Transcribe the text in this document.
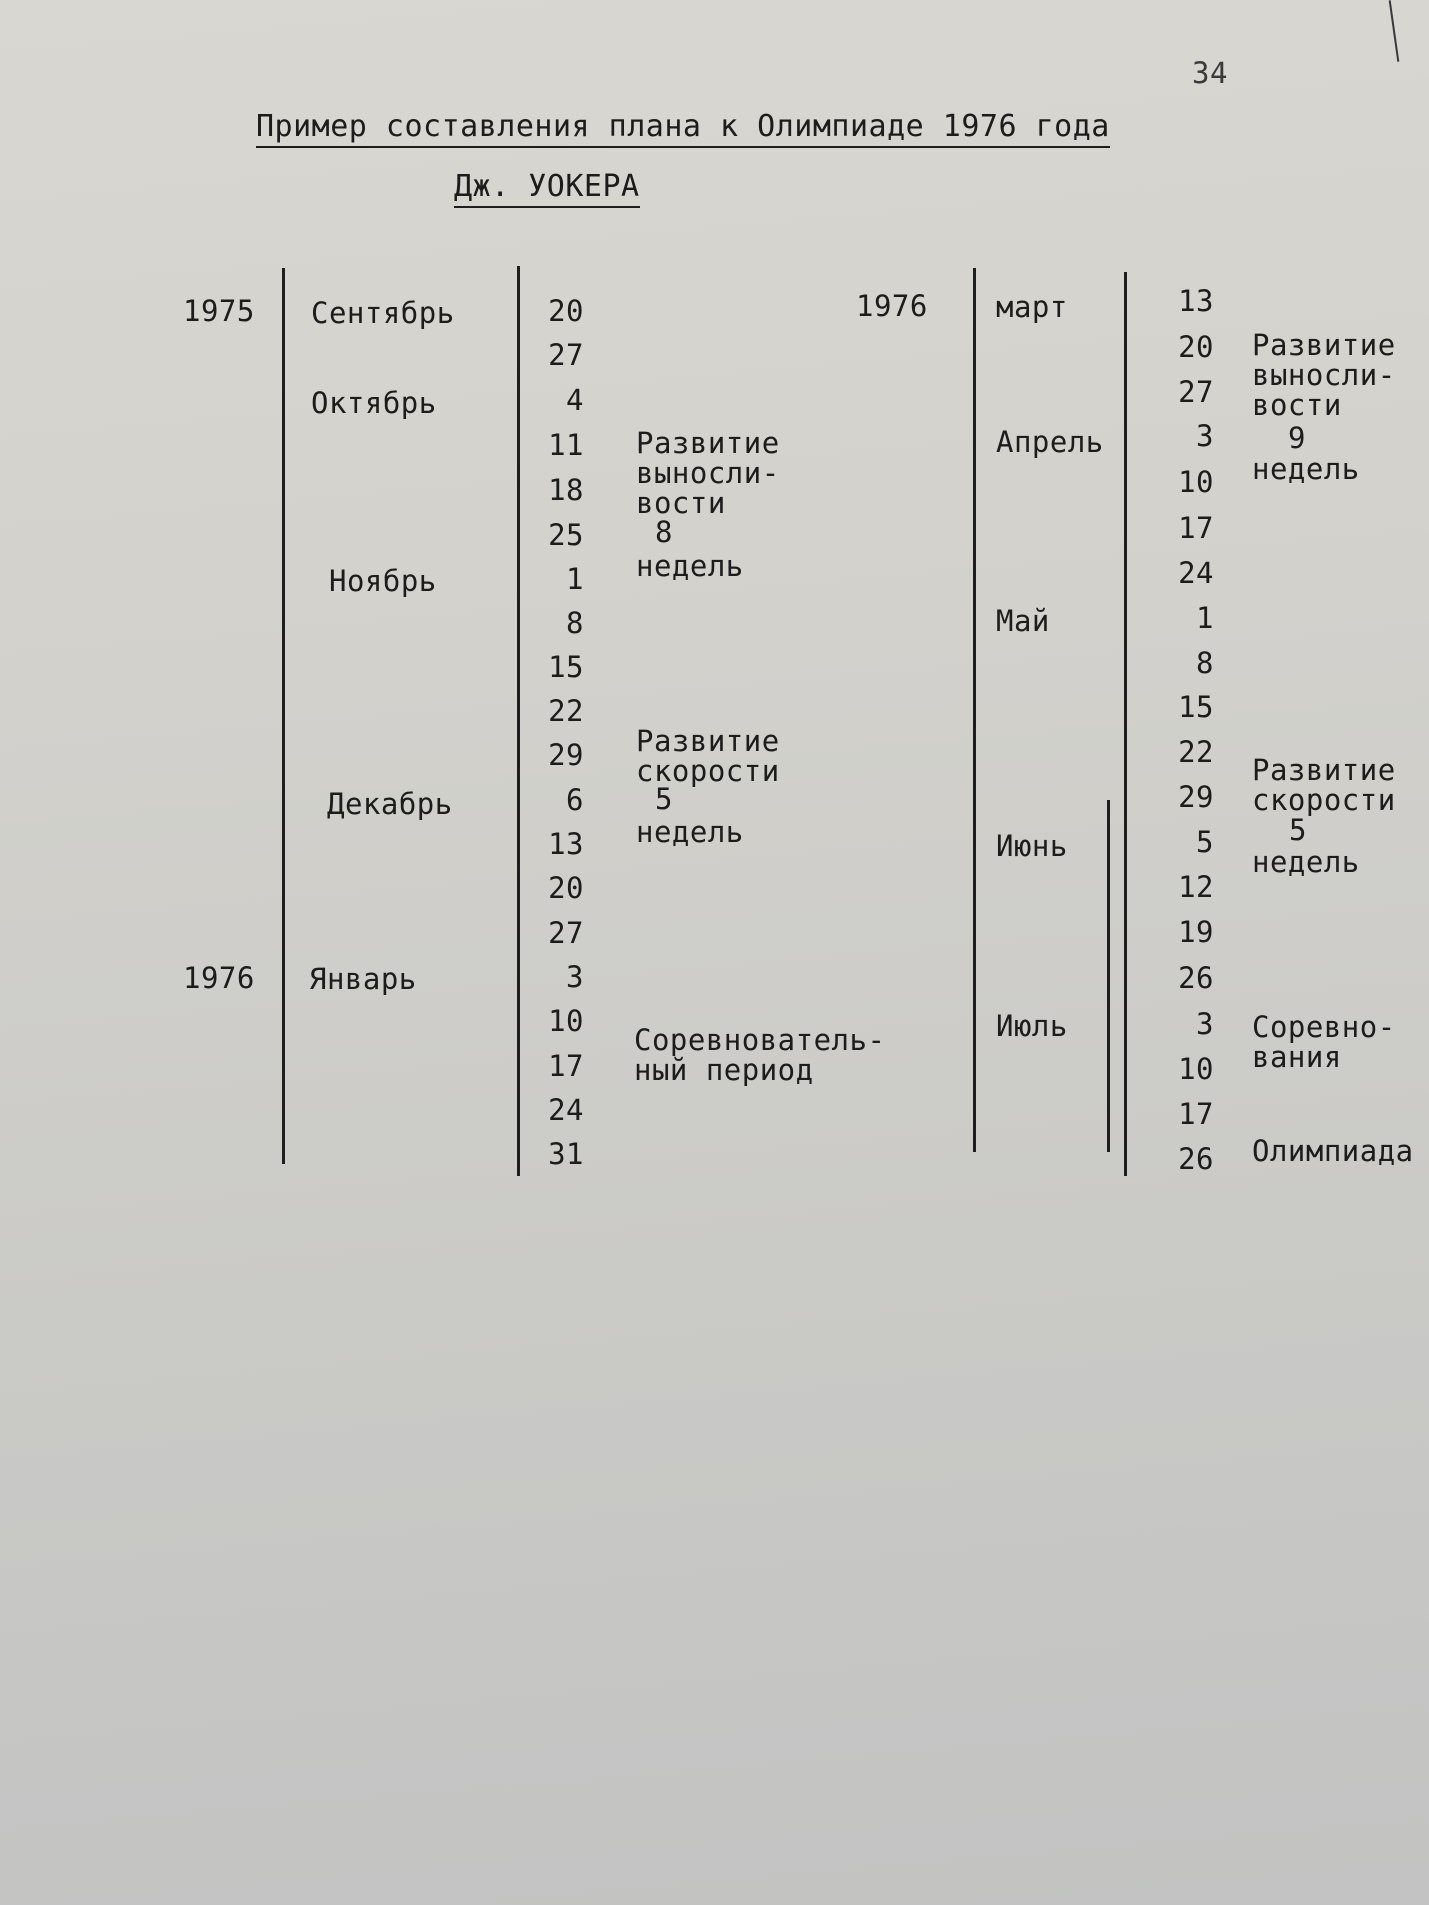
34
Пример составления плана к Олимпиаде 1976 года
Дж. УОКЕРА
1975
1976
Сентябрь
Октябрь
Ноябрь
Декабрь
Январь
20
27
4
11
18
25
1
8
15
22
29
6
13
20
27
3
10
17
24
31
Развитие
выносли-
вости
8
недель
Развитие
скорости
5
недель
Соревнователь-
ный период
1976 март
Апрель
Май
Июнь
Июль
13
20
27
3
10
17
24
1
8
15
22
29
5
12
19
26
3
10
17
26
Развитие
выносли-
вости
9
недель
Развитие
скорости
5
недель
Соревно-
вания
Олимпиада
